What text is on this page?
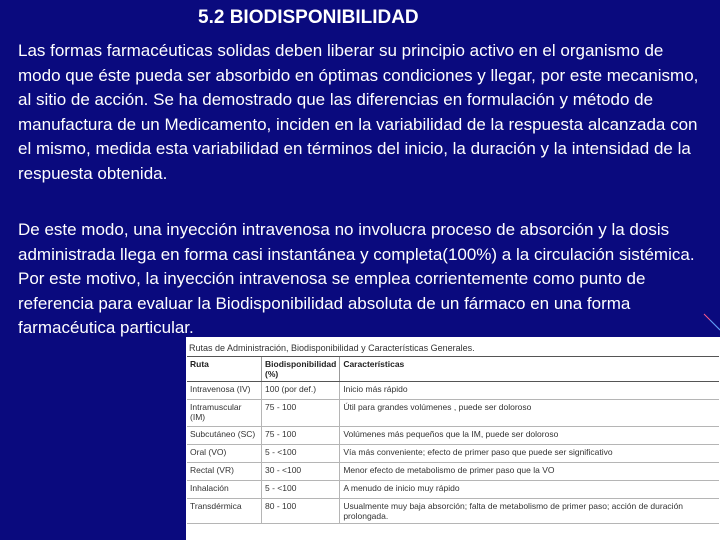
5.2 BIODISPONIBILIDAD

Las formas farmacéuticas solidas deben liberar su principio activo en el organismo de modo que éste pueda ser absorbido en óptimas condiciones y llegar, por este mecanismo, al sitio de acción. Se ha demostrado que las diferencias en formulación y método de manufactura de un Medicamento, inciden en la variabilidad de la respuesta alcanzada con el mismo, medida esta variabilidad en términos del inicio, la duración y la intensidad de la respuesta obtenida.

De este modo, una inyección intravenosa no involucra proceso de absorción y la dosis administrada llega en forma casi instantánea y completa(100%) a la circulación sistémica. Por este motivo, la inyección intravenosa se emplea corrientemente como punto de referencia para evaluar la Biodisponibilidad absoluta de un fármaco en una forma farmacéutica particular.

Rutas de Administración, Biodisponibilidad y Características Generales.
Ruta	Biodisponibilidad (%)	Características
Intravenosa (IV)	100 (por def.)	Inicio más rápido
Intramuscular (IM)	75 - 100	Útil para grandes volúmenes , puede ser doloroso
Subcutáneo (SC)	75 - 100	Volúmenes más pequeños que la IM, puede ser doloroso
Oral (VO)	5 - <100	Vía más conveniente; efecto de primer paso que puede ser significativo
Rectal (VR)	30 - <100	Menor efecto de metabolismo de primer paso que la VO
Inhalación	5 - <100	A menudo de inicio muy rápido
Transdérmica	80 - 100	Usualmente muy baja absorción; falta de metabolismo de primer paso; acción de duración prolongada.
